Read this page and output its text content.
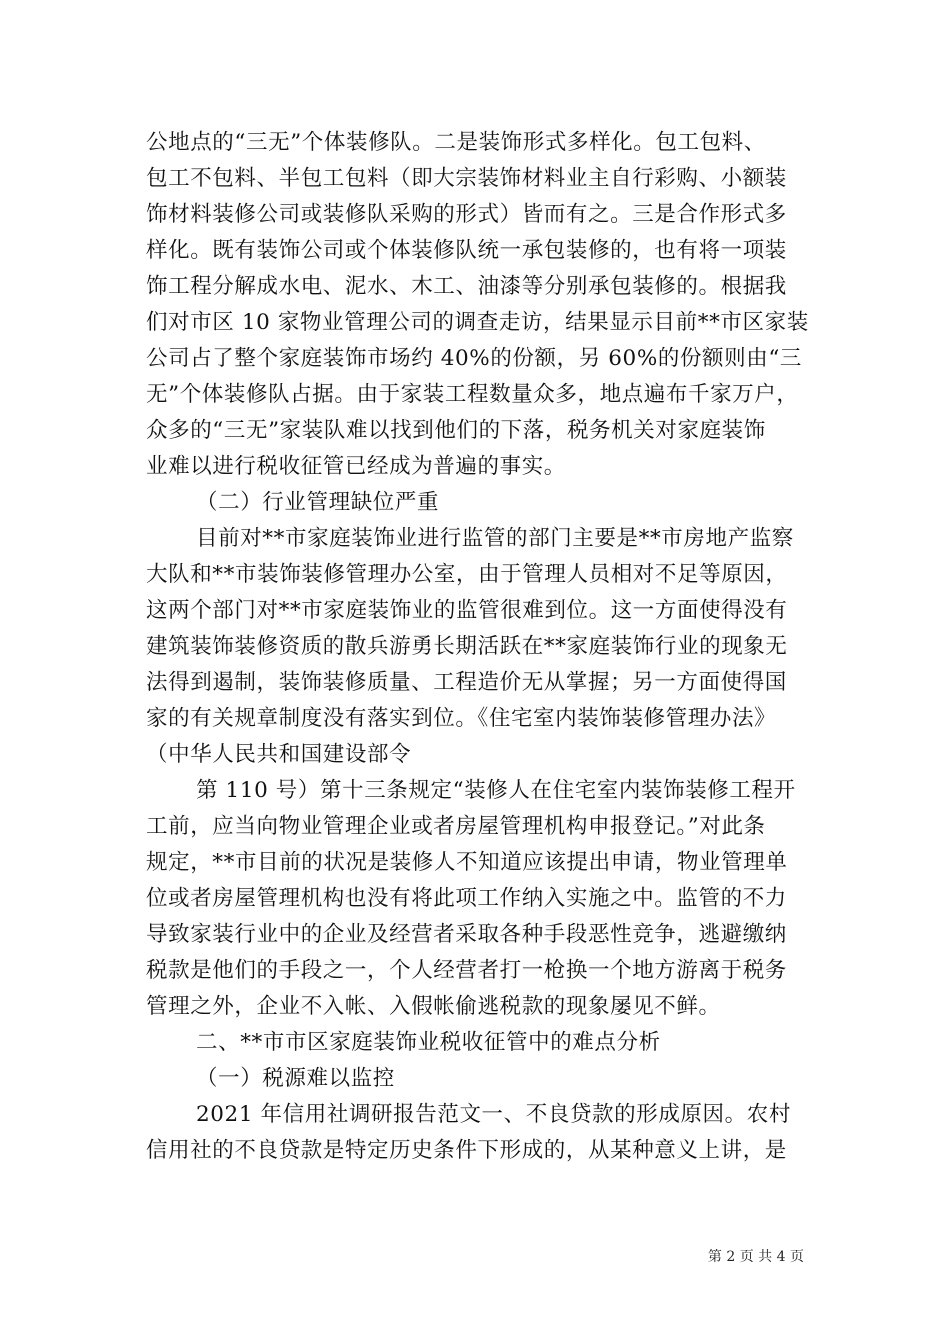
公地点的“三无”个体装修队。二是装饰形式多样化。包工包料、
包工不包料、半包工包料（即大宗装饰材料业主自行彩购、小额装
饰材料装修公司或装修队采购的形式）皆而有之。三是合作形式多
样化。既有装饰公司或个体装修队统一承包装修的，也有将一项装
饰工程分解成水电、泥水、木工、油漆等分别承包装修的。根据我
们对市区 10 家物业管理公司的调查走访，结果显示目前**市区家装
公司占了整个家庭装饰市场约 40%的份额，另 60%的份额则由“三
无”个体装修队占据。由于家装工程数量众多，地点遍布千家万户，
众多的“三无”家装队难以找到他们的下落，税务机关对家庭装饰
业难以进行税收征管已经成为普遍的事实。
（二）行业管理缺位严重
目前对**市家庭装饰业进行监管的部门主要是**市房地产监察
大队和**市装饰装修管理办公室，由于管理人员相对不足等原因，
这两个部门对**市家庭装饰业的监管很难到位。这一方面使得没有
建筑装饰装修资质的散兵游勇长期活跃在**家庭装饰行业的现象无
法得到遏制，装饰装修质量、工程造价无从掌握；另一方面使得国
家的有关规章制度没有落实到位。《住宅室内装饰装修管理办法》
（中华人民共和国建设部令
第 110 号）第十三条规定“装修人在住宅室内装饰装修工程开
工前，应当向物业管理企业或者房屋管理机构申报登记。”对此条
规定，**市目前的状况是装修人不知道应该提出申请，物业管理单
位或者房屋管理机构也没有将此项工作纳入实施之中。监管的不力
导致家装行业中的企业及经营者采取各种手段恶性竞争，逃避缴纳
税款是他们的手段之一，个人经营者打一枪换一个地方游离于税务
管理之外，企业不入帐、入假帐偷逃税款的现象屡见不鲜。
二、**市市区家庭装饰业税收征管中的难点分析
（一）税源难以监控
2021 年信用社调研报告范文一、不良贷款的形成原因。农村
信用社的不良贷款是特定历史条件下形成的，从某种意义上讲，是
第 2 页 共 4 页
